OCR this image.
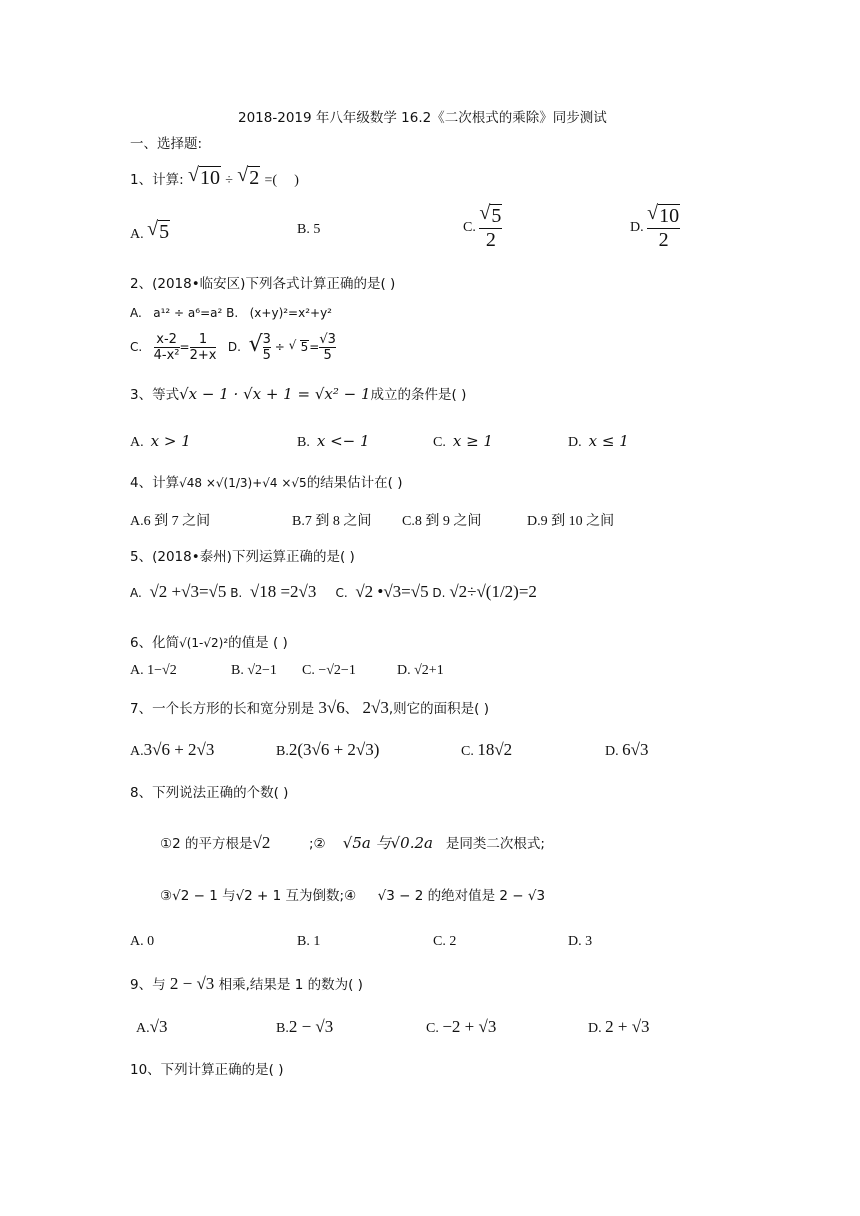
2018-2019 年八年级数学 16.2《二次根式的乘除》同步测试
一、选择题:
1、计算: √ 10 ÷ √ 2 =( )
A. √ 5	B. 5	C. √ $\frac{5}{2}$	D. √ $\frac{10}{2}$
2、(2018•临安区)下列各式计算正确的是( )
A. a¹² ÷ a⁶=a² B. (x+y)²=x²+y²
C. $\frac{x-2}{\text{4-x²}} = \frac{1}{2+x} D$. √ $\frac{3}{5}$ ÷ √ $5= \frac{√3}{5}$
3、等式√x − 1 · √x + 1 = √x² − 1成立的条件是( )
A. x > 1	B. x <− 1	C. x ≥ 1	D. x ≤ 1
4、计算√48 ×√(1/3)+√4 ×√5的结果估计在( )
A.6 到 7 之间	B.7 到 8 之间 C.8 到 9 之间	D.9 到 10 之间
5、(2018•泰州)下列运算正确的是( )
A. √2 +√3=√5 B. √18 =2√3 C. √2 •√3=√5 D. √2÷√(1/2)=2
6、化简√(1-√2)²的值是 ( )
A. 1−√2	B. √2−1 C. −√2−1	D. √2+1
7、一个长方形的长和宽分别是 3√6、 2√3,则它的面积是( )
A.3√6 + 2√3	B.2(3√6 + 2√3)	C. 18√2	D. 6√3
8、下列说法正确的个数( )
①2 的平方根是√2	;② √5a 与√0.2a 是同类二次根式;
③√2 − 1 与√2 + 1 互为倒数;④ √3 − 2 的绝对值是 2 − √3
A. 0	B. 1	C. 2	D. 3
9、与 2 − √3 相乘,结果是 1 的数为( )
A.√3	B.2 − √3	C. −2 + √3	D. 2 + √3
10、下列计算正确的是( )
